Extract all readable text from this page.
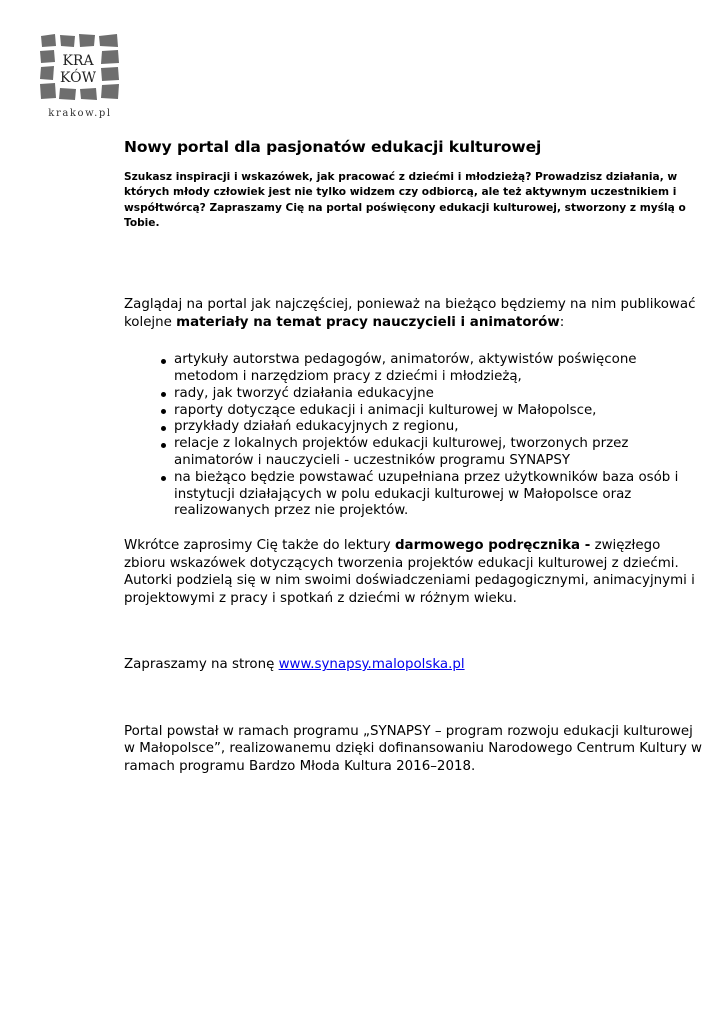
KRA
KÓW
krakow.pl
Nowy portal dla pasjonatów edukacji kulturowej

Szukasz inspiracji i wskazówek, jak pracować z dziećmi i młodzieżą? Prowadzisz działania, w których młody człowiek jest nie tylko widzem czy odbiorcą, ale też aktywnym uczestnikiem i współtwórcą? Zapraszamy Cię na portal poświęcony edukacji kulturowej, stworzony z myślą o Tobie.

Zaglądaj na portal jak najczęściej, ponieważ na bieżąco będziemy na nim publikować kolejne materiały na temat pracy nauczycieli i animatorów:

artykuły autorstwa pedagogów, animatorów, aktywistów poświęcone metodom i narzędziom pracy z dziećmi i młodzieżą,
rady, jak tworzyć działania edukacyjne
raporty dotyczące edukacji i animacji kulturowej w Małopolsce,
przykłady działań edukacyjnych z regionu,
relacje z lokalnych projektów edukacji kulturowej, tworzonych przez animatorów i nauczycieli - uczestników programu SYNAPSY
na bieżąco będzie powstawać uzupełniana przez użytkowników baza osób i instytucji działających w polu edukacji kulturowej w Małopolsce oraz realizowanych przez nie projektów.

Wkrótce zaprosimy Cię także do lektury darmowego podręcznika - zwięzłego zbioru wskazówek dotyczących tworzenia projektów edukacji kulturowej z dziećmi. Autorki podzielą się w nim swoimi doświadczeniami pedagogicznymi, animacyjnymi i projektowymi z pracy i spotkań z dziećmi w różnym wieku.

Zapraszamy na stronę www.synapsy.malopolska.pl

Portal powstał w ramach programu „SYNAPSY – program rozwoju edukacji kulturowej w Małopolsce”, realizowanemu dzięki dofinansowaniu Narodowego Centrum Kultury w ramach programu Bardzo Młoda Kultura 2016–2018.
